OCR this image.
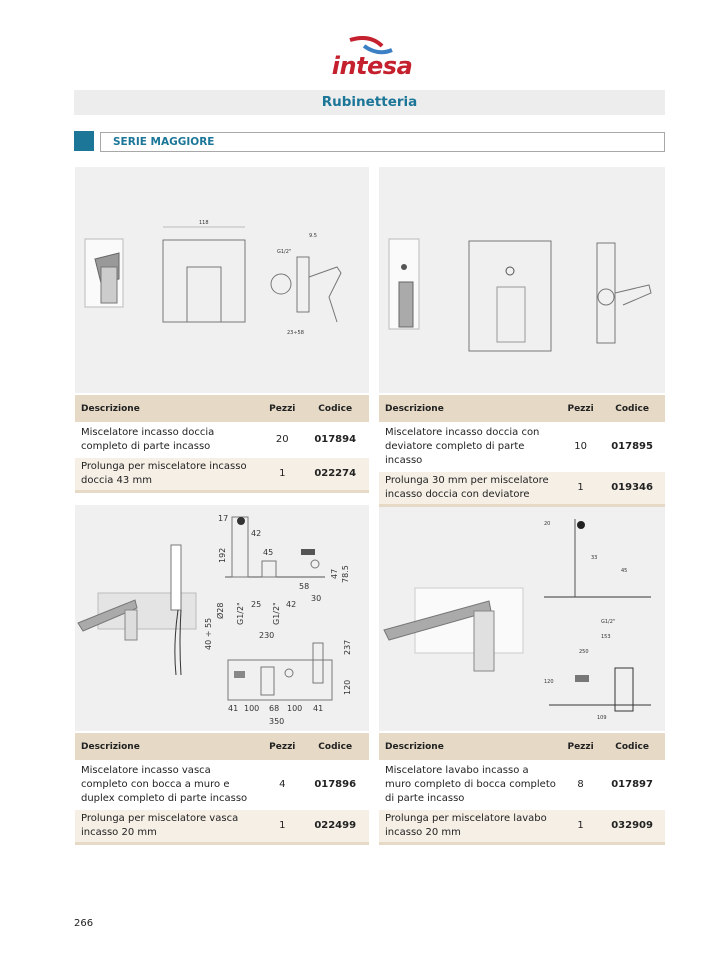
intesa
Rubinetteria
SERIE MAGGIORE
118
9.5
G1/2"
23÷58
17
42
192	45
47 78.5
58
40 ÷ 55
Ø28 G1/2" 25 G1/2" 42
30
230
237
120
41 100 68 100 41
350
20
33
45
G1/2"
153
250
120
109
Descrizione	Pezzi	Codice
Miscelatore incasso doccia completo di parte incasso	20	017894
Prolunga per miscelatore incasso doccia 43 mm	1	022274
Descrizione	Pezzi	Codice
Miscelatore incasso doccia con deviatore completo di parte incasso	10	017895
Prolunga 30 mm per miscelatore incasso doccia con deviatore	1	019346
Descrizione	Pezzi	Codice
Miscelatore incasso vasca completo con bocca a muro e duplex completo di parte incasso	4	017896
Prolunga per miscelatore vasca incasso 20 mm	1	022499
Descrizione	Pezzi	Codice
Miscelatore lavabo incasso a muro completo di bocca completo di parte incasso	8	017897
Prolunga per miscelatore lavabo incasso 20 mm	1	032909
266
